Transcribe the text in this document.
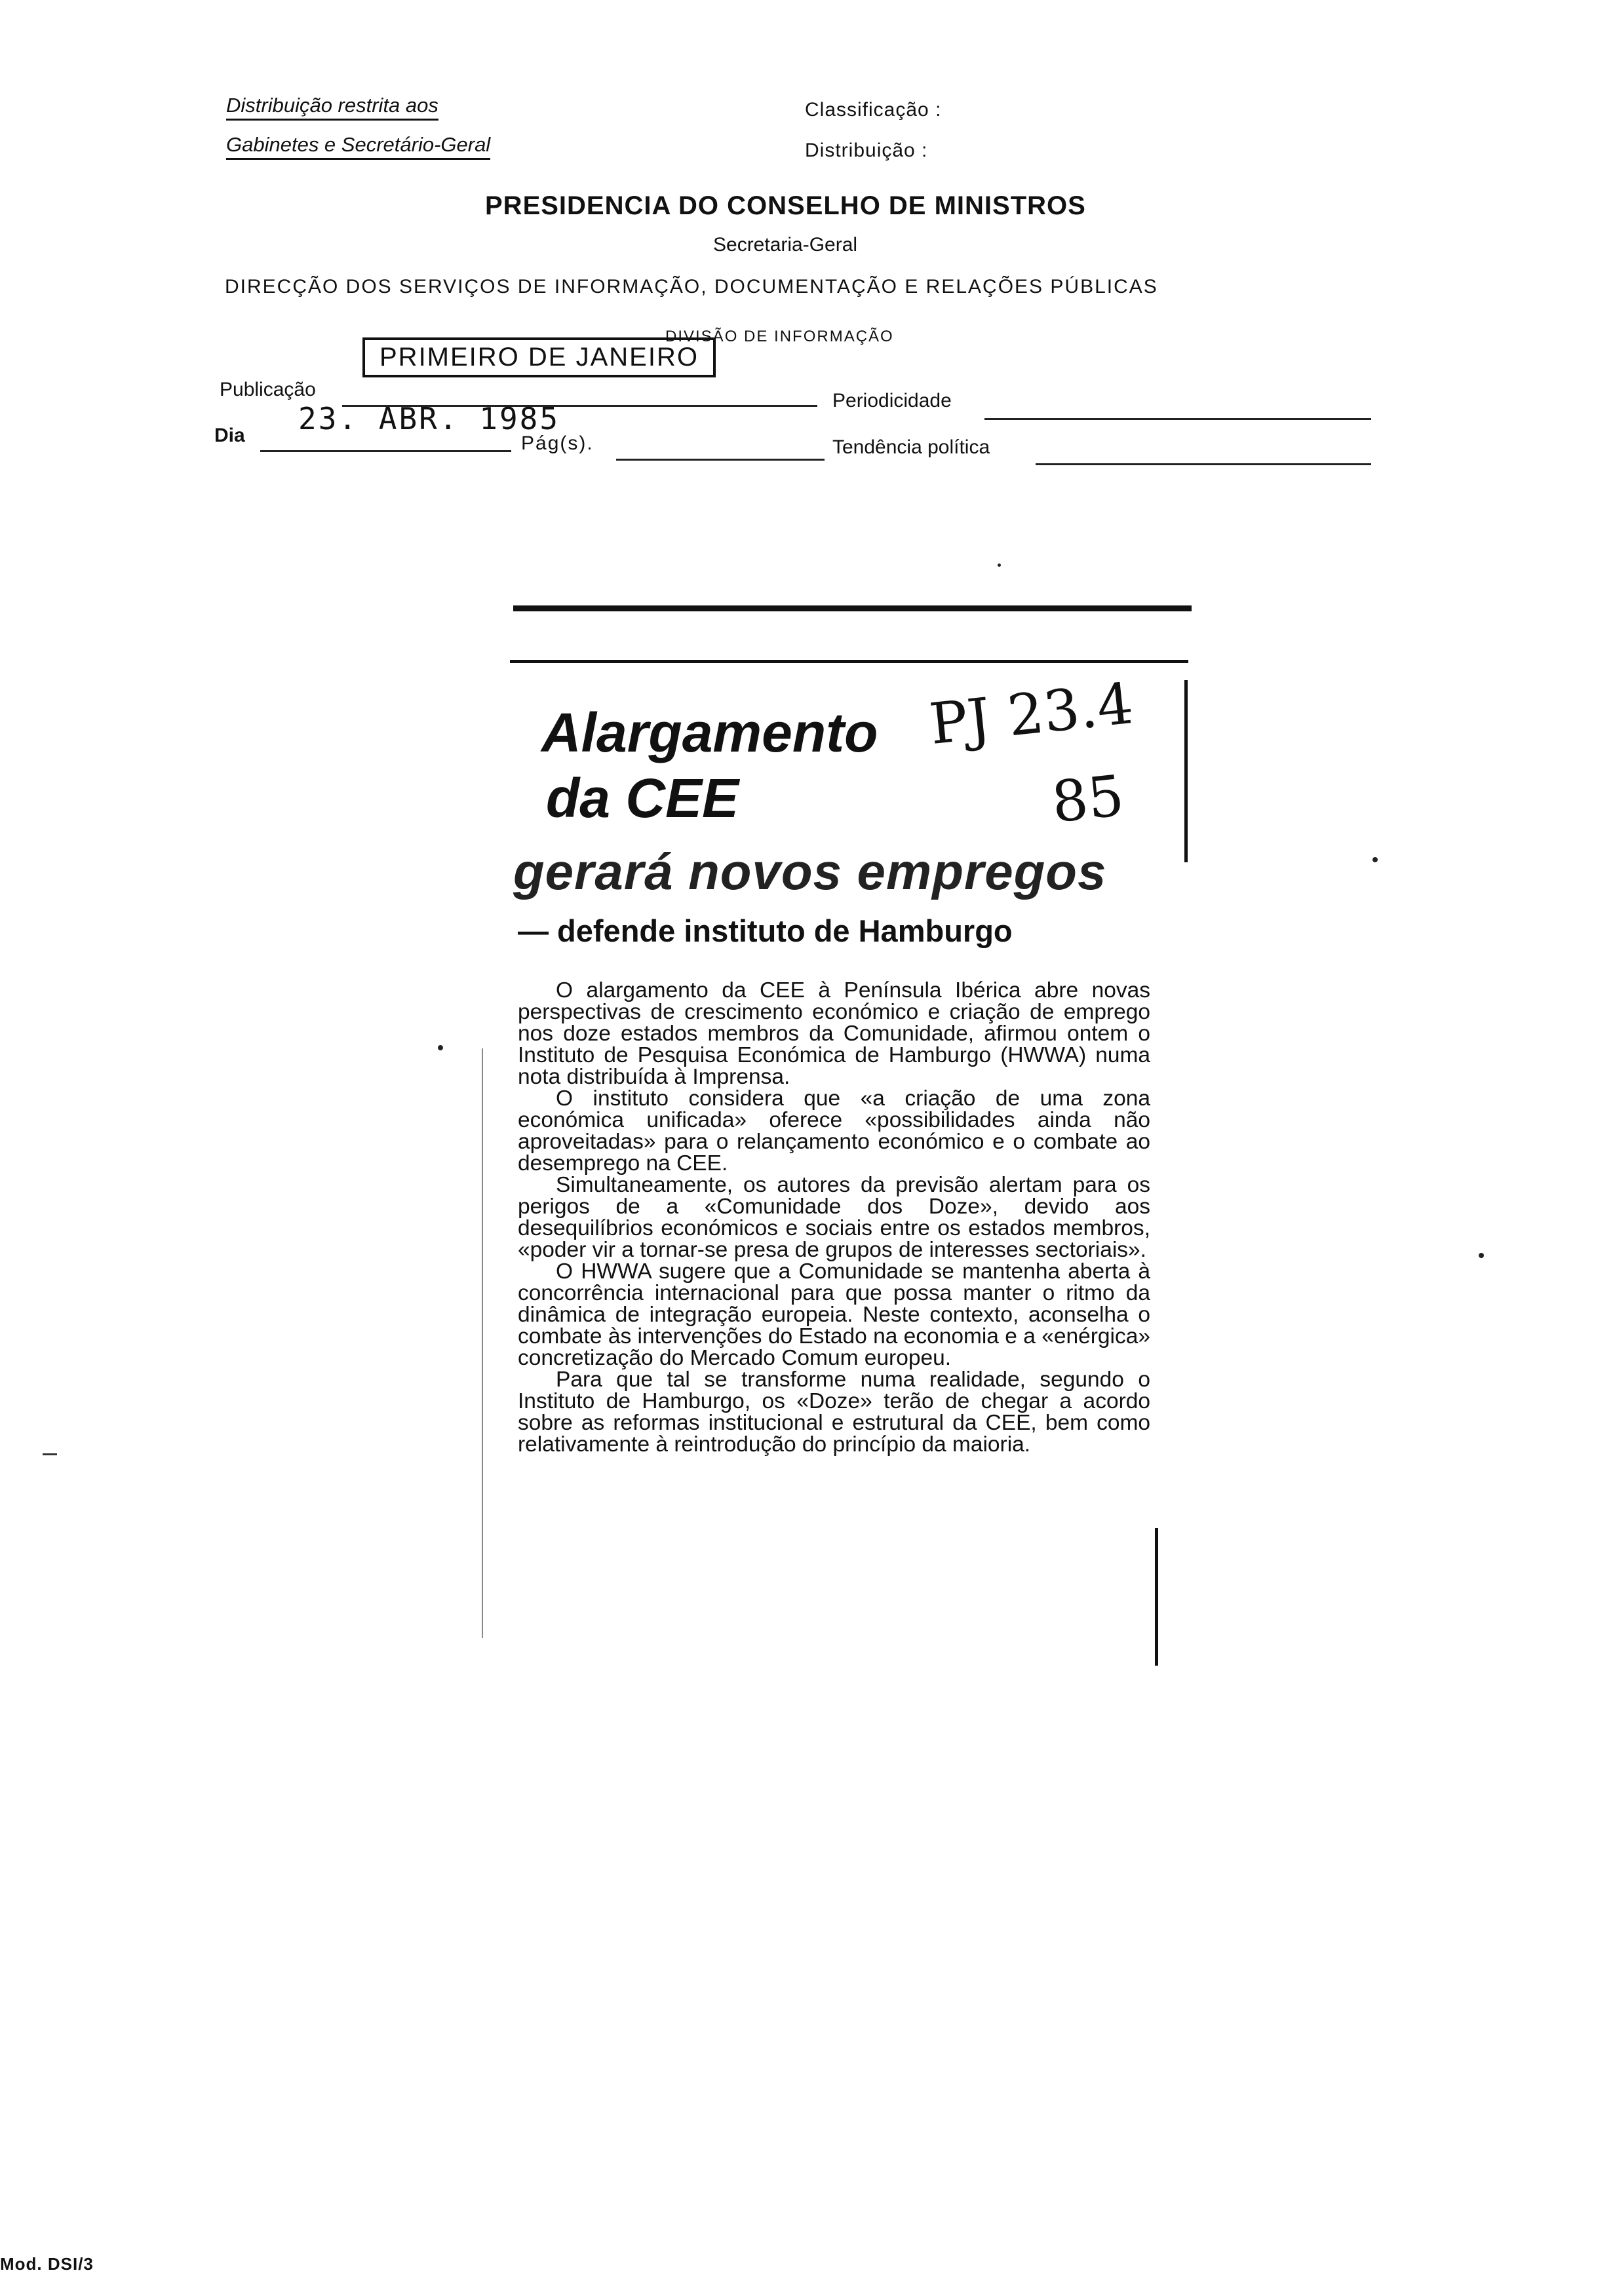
Distribuição restrita aos
Gabinetes e Secretário-Geral
Classificação :
Distribuição :
PRESIDENCIA DO CONSELHO DE MINISTROS
Secretaria-Geral
DIRECÇÃO DOS SERVIÇOS DE INFORMAÇÃO, DOCUMENTAÇÃO E RELAÇÕES PÚBLICAS
DIVISÃO DE INFORMAÇÃO
Publicação
PRIMEIRO DE JANEIRO
Periodicidade
Dia 23. ABR. 1985
Pág(s).	Tendência política
Alargamento
da CEE
gerará novos empregos
— defende instituto de Hamburgo

O alargamento da CEE à Península Ibérica abre novas perspectivas de crescimento económico e criação de emprego nos doze estados membros da Comunidade, afirmou ontem o Instituto de Pesquisa Económica de Hamburgo (HWWA) numa nota distribuída à Imprensa.

O instituto considera que «a criação de uma zona económica unificada» oferece «possibilidades ainda não aproveitadas» para o relançamento económico e o combate ao desemprego na CEE.

Simultaneamente, os autores da previsão alertam para os perigos de a «Comunidade dos Doze», devido aos desequilíbrios económicos e sociais entre os estados membros, «poder vir a tornar-se presa de grupos de interesses sectoriais».

O HWWA sugere que a Comunidade se mantenha aberta à concorrência internacional para que possa manter o ritmo da dinâmica de integração europeia. Neste contexto, aconselha o combate às intervenções do Estado na economia e a «enérgica» concretização do Mercado Comum europeu.

Para que tal se transforme numa realidade, segundo o Instituto de Hamburgo, os «Doze» terão de chegar a acordo sobre as reformas institucional e estrutural da CEE, bem como relativamente à reintrodução do princípio da maioria.

PJ 23.4
85
Mod. DSI/3
